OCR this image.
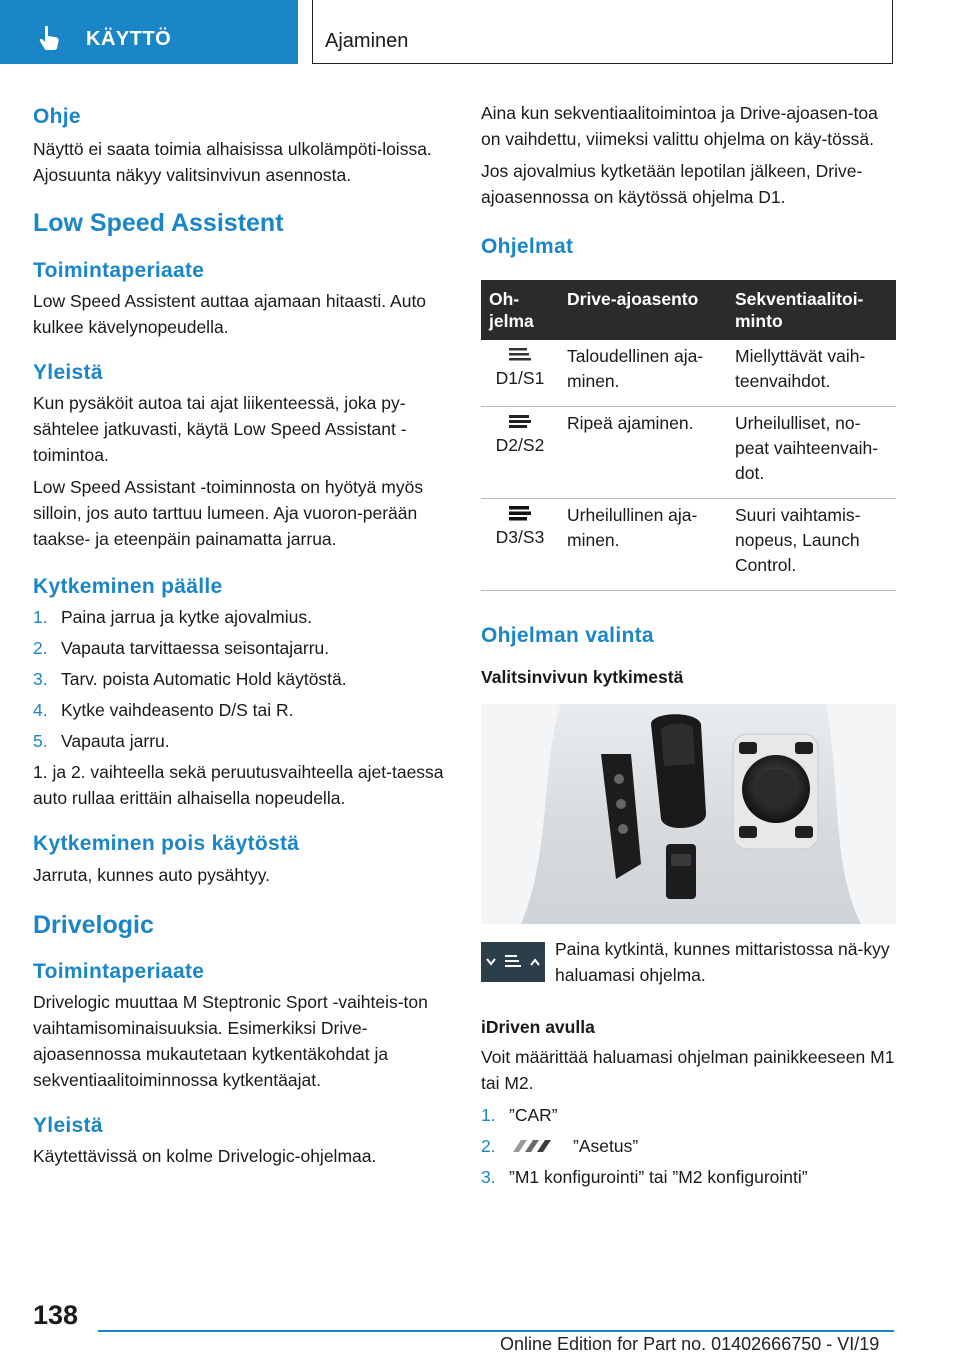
KÄYTTÖ	Ajaminen
Ohje

Näyttö ei saata toimia alhaisissa ulkolämpöti-loissa. Ajosuunta näkyy valitsinvivun asennosta.

Low Speed Assistent
Toimintaperiaate

Low Speed Assistent auttaa ajamaan hitaasti. Auto kulkee kävelynopeudella.

Yleistä

Kun pysäköit autoa tai ajat liikenteessä, joka py-sähtelee jatkuvasti, käytä Low Speed Assistant -toimintoa.

Low Speed Assistant -toiminnosta on hyötyä myös silloin, jos auto tarttuu lumeen. Aja vuoron-perään taakse- ja eteenpäin painamatta jarrua.

Kytkeminen päälle
1. Paina jarrua ja kytke ajovalmius.
2. Vapauta tarvittaessa seisontajarru.
3. Tarv. poista Automatic Hold käytöstä.
4. Kytke vaihdeasento D/S tai R.
5. Vapauta jarru.

1. ja 2. vaihteella sekä peruutusvaihteella ajet-taessa auto rullaa erittäin alhaisella nopeudella.

Kytkeminen pois käytöstä

Jarruta, kunnes auto pysähtyy.

Drivelogic
Toimintaperiaate

Drivelogic muuttaa M Steptronic Sport -vaihteis-ton vaihtamisominaisuuksia. Esimerkiksi Drive-ajoasennossa mukautetaan kytkentäkohdat ja sekventiaalitoiminnossa kytkentäajat.

Yleistä

Käytettävissä on kolme Drivelogic-ohjelmaa.

Aina kun sekventiaalitoimintoa ja Drive-ajoasen-toa on vaihdettu, viimeksi valittu ohjelma on käy-tössä.

Jos ajovalmius kytketään lepotilan jälkeen, Drive-ajoasennossa on käytössä ohjelma D1.

Ohjelmat
Oh-jelma	Drive-ajoasento	Sekventiaalitoi-minto

D1/S1	Taloudellinen aja-minen.	Miellyttävät vaih-teenvaihdot.

D2/S2	Ripeä ajaminen.	Urheilulliset, no-peat vaihteenvaih-dot.

D3/S3	Urheilullinen aja-minen.	Suuri vaihtamis-nopeus, Launch Control.
Ohjelman valinta
Valitsinvivun kytkimestä

Paina kytkintä, kunnes mittaristossa nä-kyy haluamasi ohjelma.

iDriven avulla

Voit määrittää haluamasi ohjelman painikkeeseen M1 tai M2.

1. ”CAR”
2.	”Asetus”
3. ”M1 konfigurointi” tai ”M2 konfigurointi”
138
Online Edition for Part no. 01402666750 - VI/19
